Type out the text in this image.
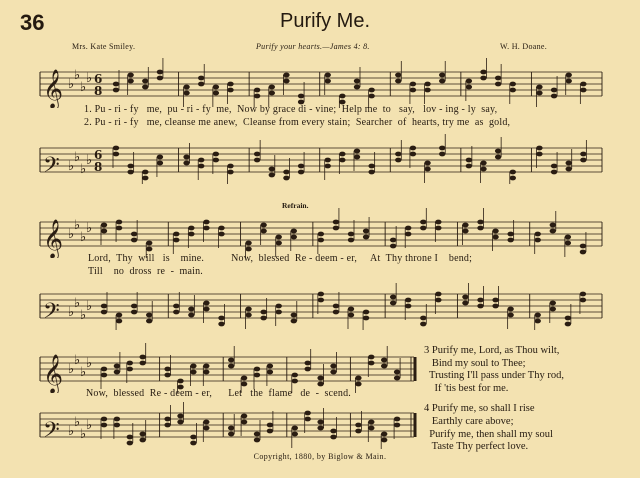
36	Purify Me.
Mrs. Kate Smiley.	Purify your hearts.—James 4: 8.	W. H. Doane.
𝄞 ♭
♭
♭
♭ 6
8
1. Pu - ri - fy   me,  pu - ri - fy  me,  Now by grace di - vine;  Help me  to   say,   lov - ing - ly  say,
2. Pu - ri - fy   me, cleanse me anew,  Cleanse from every stain;  Searcher  of  hearts, try me  as  gold,
𝄢 ♭
♭
♭
♭ 6
8
Refrain.
𝄞 ♭
♭
♭
♭
Lord,  Thy  will   is    mine.          Now,  blessed  Re - deem - er,     At  Thy throne I    bend;
Till    no  dross  re  -  main.
𝄢 ♭
♭
♭
♭
𝄞 ♭
♭
♭
♭
Now,  blessed  Re - deem - er,      Let   the  flame   de  -  scend.
𝄢 ♭
♭
♭
♭
3 Purify me, Lord, as Thou wilt,
Bind my soul to Thee;
Trusting I'll pass under Thy rod,
If 'tis best for me.
4 Purify me, so shall I rise
Earthly care above;
Purify me, then shall my soul
Taste Thy perfect love.
Copyright, 1880, by Biglow & Main.
